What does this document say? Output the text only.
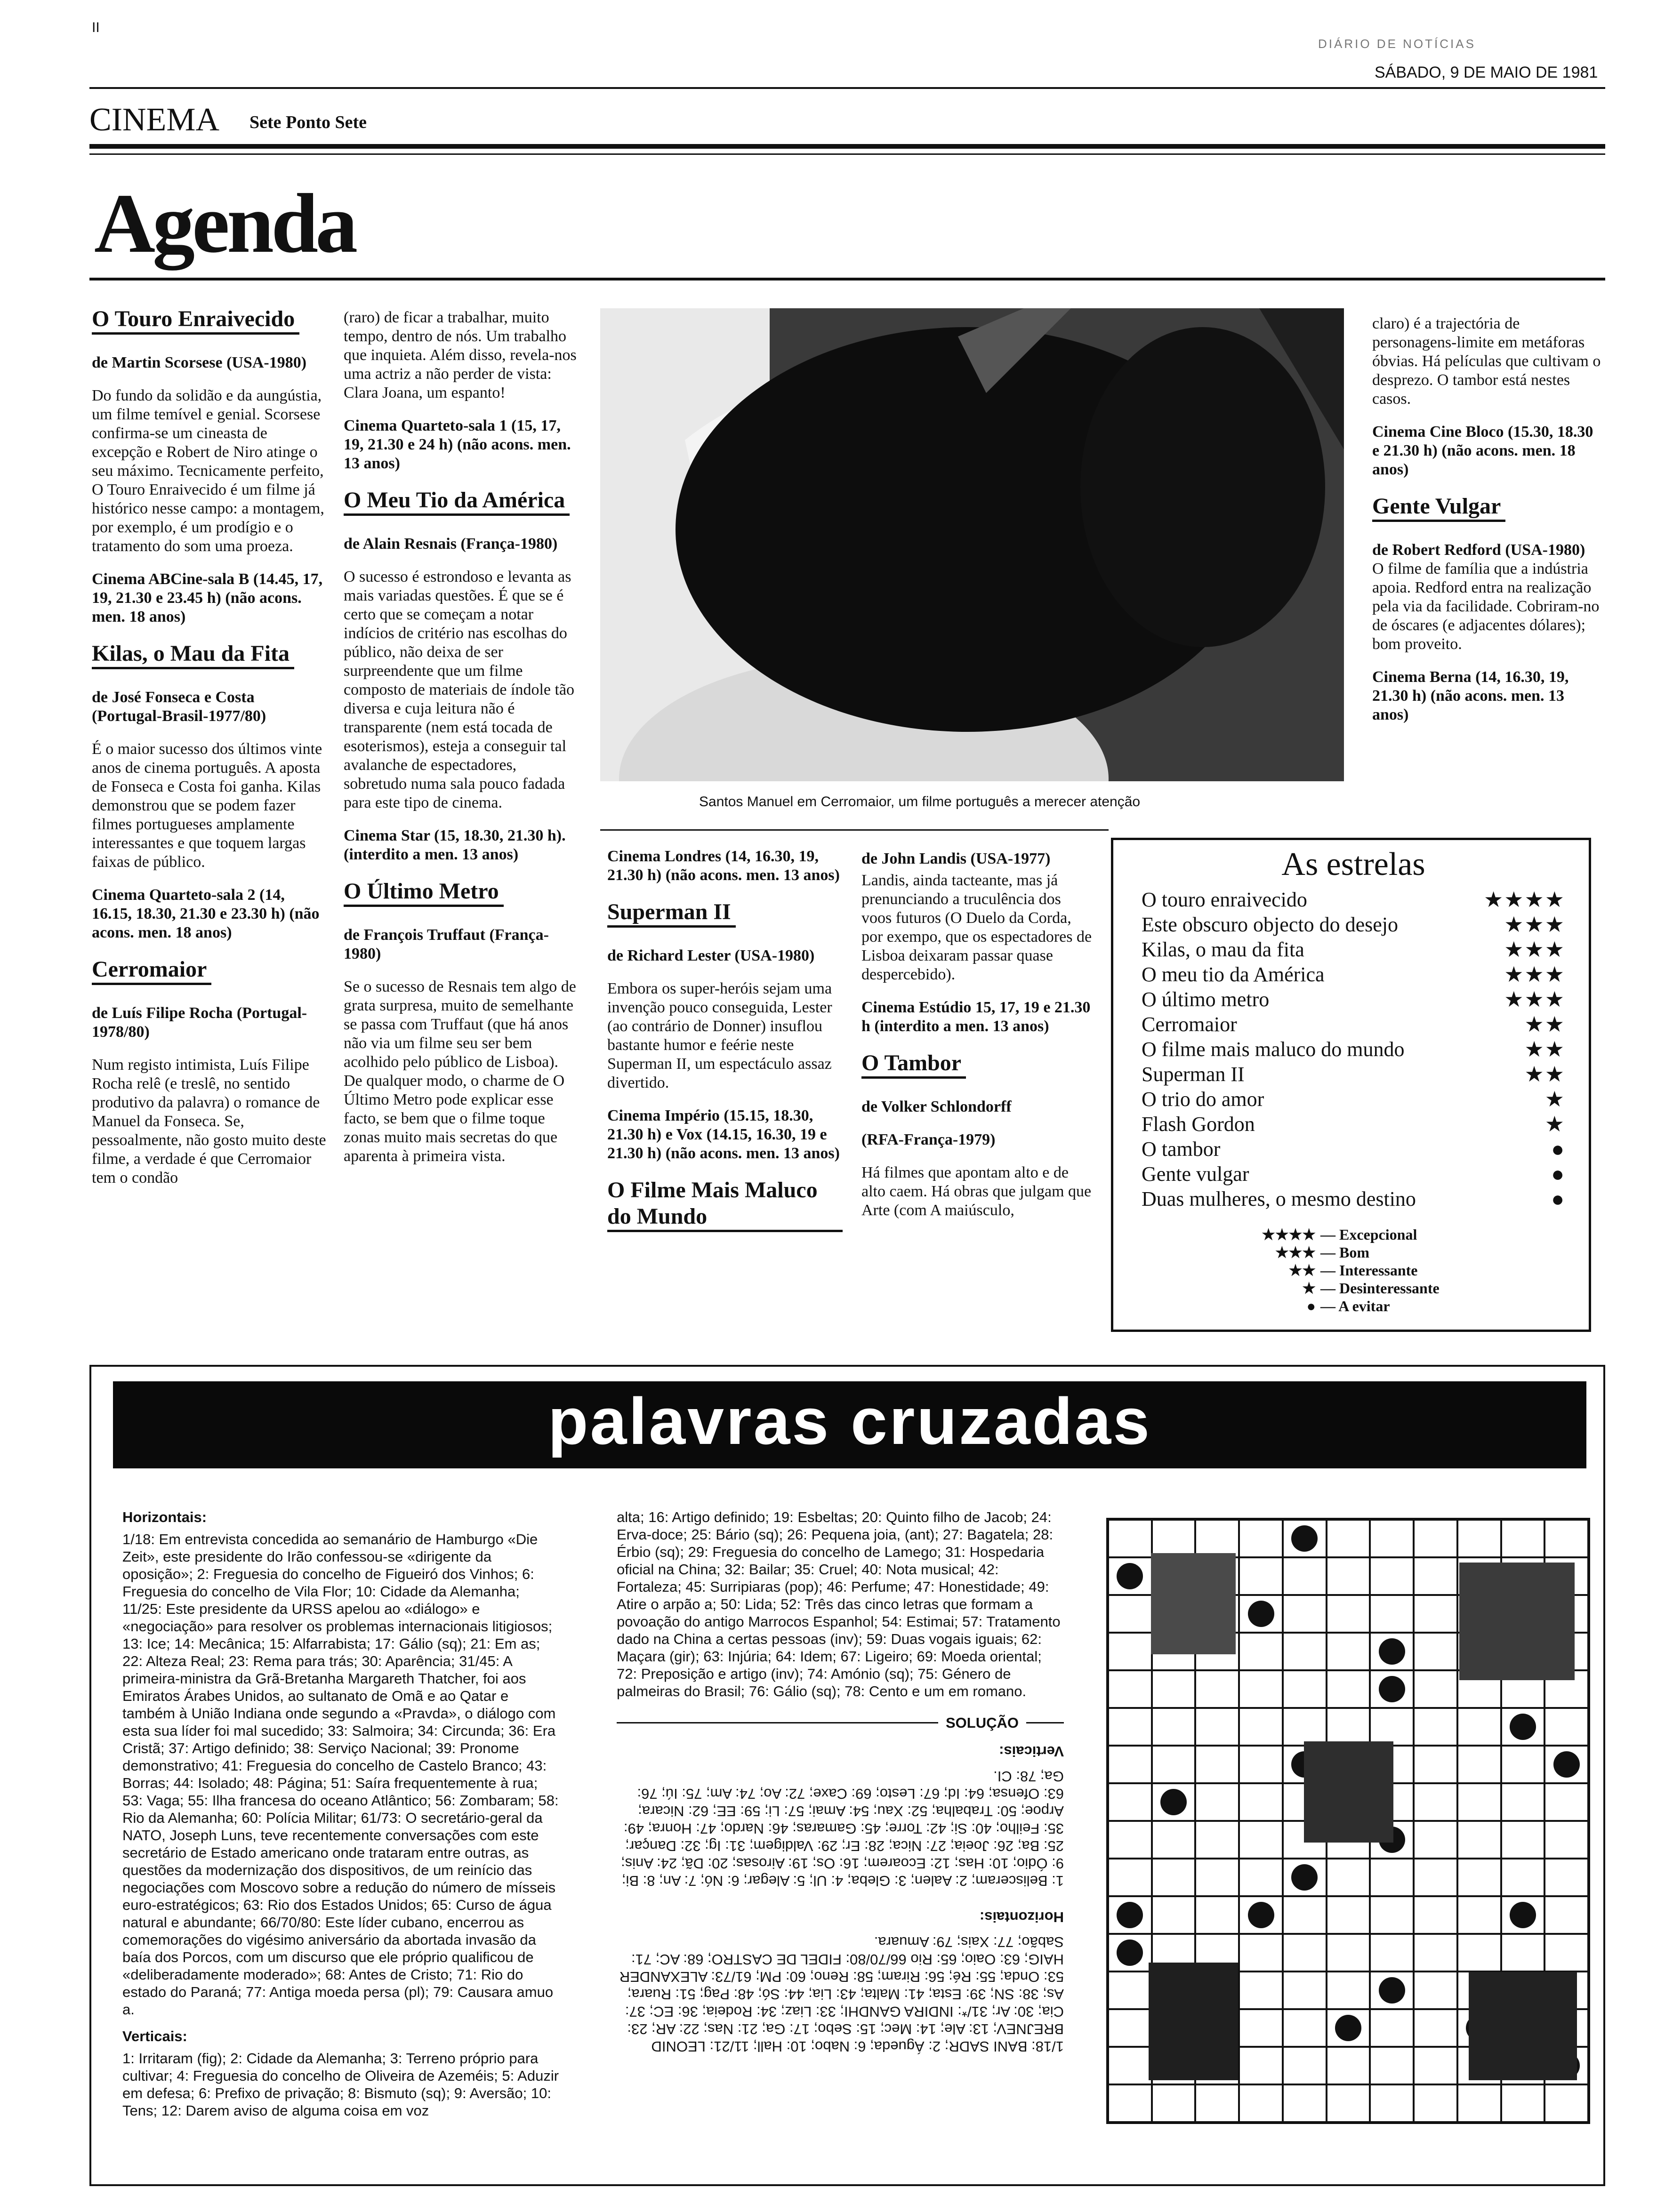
II
DIÁRIO DE NOTÍCIAS
SÁBADO, 9 DE MAIO DE 1981
CINEMA Sete Ponto Sete
Agenda
O Touro Enraivecido

de Martin Scorsese (USA-1980)

Do fundo da solidão e da aungústia, um filme temível e genial. Scorsese confirma-se um cineasta de excepção e Robert de Niro atinge o seu máximo. Tecnicamente perfeito, O Touro Enraivecido é um filme já histórico nesse campo: a montagem, por exemplo, é um prodígio e o tratamento do som uma proeza.

Cinema ABCine-sala B (14.45, 17, 19, 21.30 e 23.45 h) (não acons. men. 18 anos)

Kilas, o Mau da Fita

de José Fonseca e Costa (Portugal-Brasil-1977/80)

É o maior sucesso dos últimos vinte anos de cinema português. A aposta de Fonseca e Costa foi ganha. Kilas demonstrou que se podem fazer filmes portugueses amplamente interessantes e que toquem largas faixas de público.

Cinema Quarteto-sala 2 (14, 16.15, 18.30, 21.30 e 23.30 h) (não acons. men. 18 anos)

Cerromaior

de Luís Filipe Rocha (Portugal-1978/80)

Num registo intimista, Luís Filipe Rocha relê (e treslê, no sentido produtivo da palavra) o romance de Manuel da Fonseca. Se, pessoalmente, não gosto muito deste filme, a verdade é que Cerromaior tem o condão

(raro) de ficar a trabalhar, muito tempo, dentro de nós. Um trabalho que inquieta. Além disso, revela-nos uma actriz a não perder de vista: Clara Joana, um espanto!

Cinema Quarteto-sala 1 (15, 17, 19, 21.30 e 24 h) (não acons. men. 13 anos)

O Meu Tio da América

de Alain Resnais (França-1980)

O sucesso é estrondoso e levanta as mais variadas questões. É que se é certo que se começam a notar indícios de critério nas escolhas do público, não deixa de ser surpreendente que um filme composto de materiais de índole tão diversa e cuja leitura não é transparente (nem está tocada de esoterismos), esteja a conseguir tal avalanche de espectadores, sobretudo numa sala pouco fadada para este tipo de cinema.

Cinema Star (15, 18.30, 21.30 h). (interdito a men. 13 anos)

O Último Metro

de François Truffaut (França-1980)

Se o sucesso de Resnais tem algo de grata surpresa, muito de semelhante se passa com Truffaut (que há anos não via um filme seu ser bem acolhido pelo público de Lisboa). De qualquer modo, o charme de O Último Metro pode explicar esse facto, se bem que o filme toque zonas muito mais secretas do que aparenta à primeira vista.

Santos Manuel em Cerromaior, um filme português a merecer atenção

claro) é a trajectória de personagens-limite em metáforas óbvias. Há películas que cultivam o desprezo. O tambor está nestes casos.

Cinema Cine Bloco (15.30, 18.30 e 21.30 h) (não acons. men. 18 anos)

Gente Vulgar

de Robert Redford (USA-1980)

O filme de família que a indústria apoia. Redford entra na realização pela via da facilidade. Cobriram-no de óscares (e adjacentes dólares); bom proveito.

Cinema Berna (14, 16.30, 19, 21.30 h) (não acons. men. 13 anos)

Cinema Londres (14, 16.30, 19, 21.30 h) (não acons. men. 13 anos)

Superman II

de Richard Lester (USA-1980)

Embora os super-heróis sejam uma invenção pouco conseguida, Lester (ao contrário de Donner) insuflou bastante humor e feérie neste Superman II, um espectáculo assaz divertido.

Cinema Império (15.15, 18.30, 21.30 h) e Vox (14.15, 16.30, 19 e 21.30 h) (não acons. men. 13 anos)

O Filme Mais Maluco do Mundo

de John Landis (USA-1977)

Landis, ainda tacteante, mas já prenunciando a truculência dos voos futuros (O Duelo da Corda, por exempo, que os espectadores de Lisboa deixaram passar quase despercebido).

Cinema Estúdio 15, 17, 19 e 21.30 h (interdito a men. 13 anos)

O Tambor

de Volker Schlondorff

(RFA-França-1979)

Há filmes que apontam alto e de alto caem. Há obras que julgam que Arte (com A maiúsculo,

As estrelas
O touro enraivecido	★★★★
Este obscuro objecto do desejo	★★★
Kilas, o mau da fita	★★★
O meu tio da América	★★★
O último metro	★★★
Cerromaior	★★
O filme mais maluco do mundo	★★
Superman II	★★
O trio do amor	★
Flash Gordon	★
O tambor	●
Gente vulgar	●
Duas mulheres, o mesmo destino	●
★★★★ — Excepcional
★★★ — Bom
★★ — Interessante
★ — Desinteressante
● — A evitar
palavras cruzadas
Horizontais:
1/18: Em entrevista concedida ao semanário de Hamburgo «Die Zeit», este presidente do Irão confessou-se «dirigente da oposição»; 2: Freguesia do concelho de Figueiró dos Vinhos; 6: Freguesia do concelho de Vila Flor; 10: Cidade da Alemanha; 11/25: Este presidente da URSS apelou ao «diálogo» e «negociação» para resolver os problemas internacionais litigiosos; 13: Ice; 14: Mecânica; 15: Alfarrabista; 17: Gálio (sq); 21: Em as; 22: Alteza Real; 23: Rema para trás; 30: Aparência; 31/45: A primeira-ministra da Grã-Bretanha Margareth Thatcher, foi aos Emiratos Árabes Unidos, ao sultanato de Omã e ao Qatar e também à União Indiana onde segundo a «Pravda», o diálogo com esta sua líder foi mal sucedido; 33: Salmoira; 34: Circunda; 36: Era Cristã; 37: Artigo definido; 38: Serviço Nacional; 39: Pronome demonstrativo; 41: Freguesia do concelho de Castelo Branco; 43: Borras; 44: Isolado; 48: Página; 51: Saíra frequentemente à rua; 53: Vaga; 55: Ilha francesa do oceano Atlântico; 56: Zombaram; 58: Rio da Alemanha; 60: Polícia Militar; 61/73: O secretário-geral da NATO, Joseph Luns, teve recentemente conversações com este secretário de Estado americano onde trataram entre outras, as questões da modernização dos dispositivos, de um reinício das negociações com Moscovo sobre a redução do número de mísseis euro-estratégicos; 63: Rio dos Estados Unidos; 65: Curso de água natural e abundante; 66/70/80: Este líder cubano, encerrou as comemorações do vigésimo aniversário da abortada invasão da baía dos Porcos, com um discurso que ele próprio qualificou de «deliberadamente moderado»; 68: Antes de Cristo; 71: Rio do estado do Paraná; 77: Antiga moeda persa (pl); 79: Causara amuo a.
Verticais:
1: Irritaram (fig); 2: Cidade da Alemanha; 3: Terreno próprio para cultivar; 4: Freguesia do concelho de Oliveira de Azeméis; 5: Aduzir em defesa; 6: Prefixo de privação; 8: Bismuto (sq); 9: Aversão; 10: Tens; 12: Darem aviso de alguma coisa em voz
alta; 16: Artigo definido; 19: Esbeltas; 20: Quinto filho de Jacob; 24: Erva-doce; 25: Bário (sq); 26: Pequena joia, (ant); 27: Bagatela; 28: Érbio (sq); 29: Freguesia do concelho de Lamego; 31: Hospedaria oficial na China; 32: Bailar; 35: Cruel; 40: Nota musical; 42: Fortaleza; 45: Surripiaras (pop); 46: Perfume; 47: Honestidade; 49: Atire o arpão a; 50: Lida; 52: Três das cinco letras que formam a povoação do antigo Marrocos Espanhol; 54: Estimai; 57: Tratamento dado na China a certas pessoas (inv); 59: Duas vogais iguais; 62: Maçara (gir); 63: Injúria; 64: Idem; 67: Ligeiro; 69: Moeda oriental; 72: Preposição e artigo (inv); 74: Amónio (sq); 75: Género de palmeiras do Brasil; 76: Gálio (sq); 78: Cento e um em romano.
SOLUÇÃO
1/18: BANI SADR; 2: Águeda; 6: Nabo; 10: Hall; 11/21: LEONID BREJNEV; 13: Ale; 14: Mec; 15: Sebo; 17: Ga; 21: Nas; 22: AR; 23: Cia; 30: Ar; 31/*: INDIRA GANDHI; 33: Liaz; 34: Rodeia; 36: EC; 37: As; 38: SN; 39: Esta; 41: Malta; 43: Lia; 44: Só; 48: Pag; 51: Ruara; 53: Onda; 55: Ré; 56: Riram; 58: Reno; 60: PM; 61/73: ALEXANDER HAIG; 63: Oaio; 65: Rio 66/70/80: FIDEL DE CASTRO; 68: AC; 71: Sabão; 77: Xais; 79: Amuara.
Horizontais:
1: Belisceram; 2: Aalen; 3: Gleba; 4: Ul; 5: Alegar; 6: Nó; 7: An; 8: Bi; 9: Ódio; 10: Has; 12: Ecoarem; 16: Os; 19: Airosas; 20: Dã; 24: Anis; 25: Ba; 26: Joeia; 27: Nica; 28: Er; 29: Valdigem; 31: Ig; 32: Dançar; 35: Feilho; 40: Si; 42: Torre; 45: Gamaras; 46: Nardo; 47: Honra; 49: Arpoe; 50: Trabalha; 52: Xau; 54: Amai; 57: Li; 59: EE; 62: Nicara; 63: Ofensa; 64: Id; 67: Lesto; 69: Caxe; 72: Ao; 74: Am; 75: Iú; 76: Ga; 78: CI.
Verticais:
